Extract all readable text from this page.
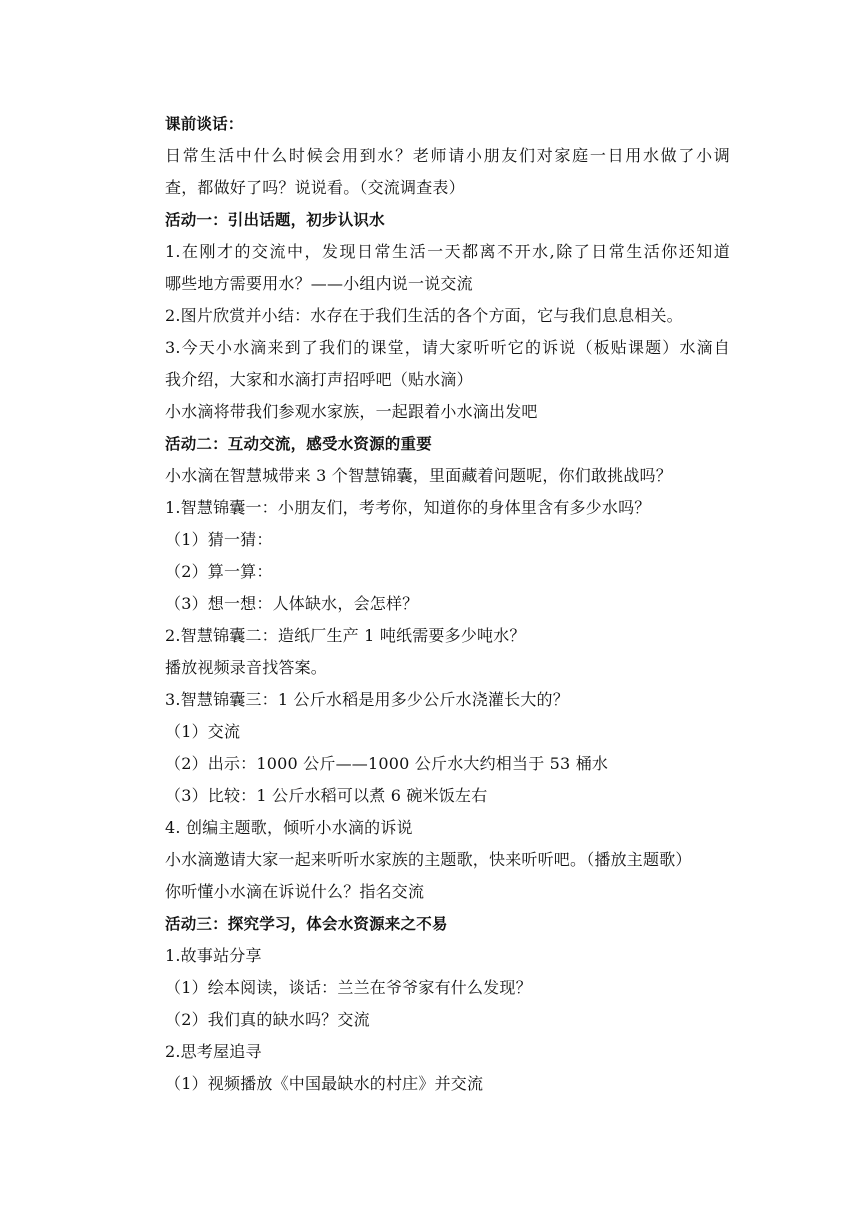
课前谈话：
日常生活中什么时候会用到水？老师请小朋友们对家庭一日用水做了小调
查，都做好了吗？说说看。（交流调查表）
活动一：引出话题，初步认识水
1.在刚才的交流中，发现日常生活一天都离不开水,除了日常生活你还知道
哪些地方需要用水？——小组内说一说交流
2.图片欣赏并小结：水存在于我们生活的各个方面，它与我们息息相关。
3.今天小水滴来到了我们的课堂，请大家听听它的诉说（板贴课题）水滴自
我介绍，大家和水滴打声招呼吧（贴水滴）
小水滴将带我们参观水家族，一起跟着小水滴出发吧
活动二：互动交流，感受水资源的重要
小水滴在智慧城带来 3 个智慧锦囊，里面藏着问题呢，你们敢挑战吗？
1.智慧锦囊一：小朋友们，考考你，知道你的身体里含有多少水吗？
（1）猜一猜：
（2）算一算：
（3）想一想：人体缺水，会怎样？
2.智慧锦囊二：造纸厂生产 1 吨纸需要多少吨水？
播放视频录音找答案。
3.智慧锦囊三：1 公斤水稻是用多少公斤水浇灌长大的？
（1）交流
（2）出示：1000 公斤——1000 公斤水大约相当于 53 桶水
（3）比较：1 公斤水稻可以煮 6 碗米饭左右
4. 创编主题歌，倾听小水滴的诉说
小水滴邀请大家一起来听听水家族的主题歌，快来听听吧。（播放主题歌）
你听懂小水滴在诉说什么？指名交流
活动三：探究学习，体会水资源来之不易
1.故事站分享
（1）绘本阅读，谈话：兰兰在爷爷家有什么发现？
（2）我们真的缺水吗？交流
2.思考屋追寻
（1）视频播放《中国最缺水的村庄》并交流
